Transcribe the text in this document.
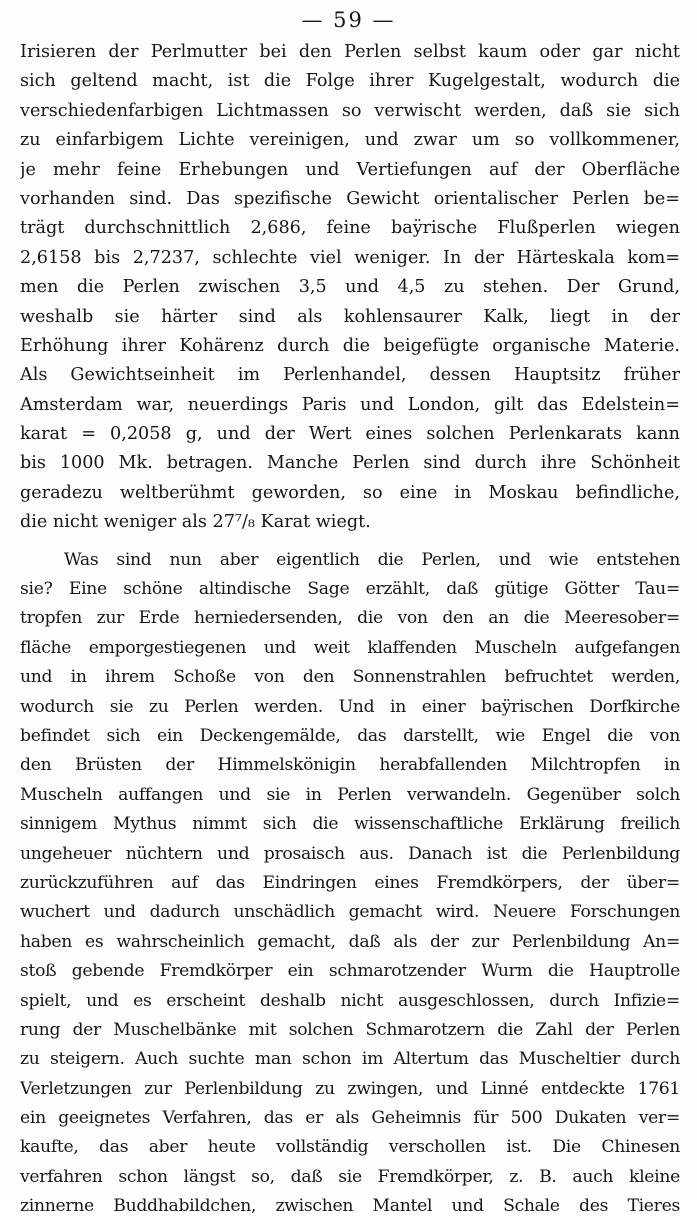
— 59 —
Irisieren der Perlmutter bei den Perlen selbst kaum oder gar nicht
sich geltend macht, ist die Folge ihrer Kugelgestalt, wodurch die
verschiedenfarbigen Lichtmassen so verwischt werden, daß sie sich
zu einfarbigem Lichte vereinigen, und zwar um so vollkommener,
je mehr feine Erhebungen und Vertiefungen auf der Oberfläche
vorhanden sind. Das spezifische Gewicht orientalischer Perlen be=
trägt durchschnittlich 2,686, feine baÿrische Flußperlen wiegen
2,6158 bis 2,7237, schlechte viel weniger. In der Härteskala kom=
men die Perlen zwischen 3,5 und 4,5 zu stehen. Der Grund,
weshalb sie härter sind als kohlensaurer Kalk, liegt in der
Erhöhung ihrer Kohärenz durch die beigefügte organische Materie.
Als Gewichtseinheit im Perlenhandel, dessen Hauptsitz früher
Amsterdam war, neuerdings Paris und London, gilt das Edelstein=
karat = 0,2058 g, und der Wert eines solchen Perlenkarats kann
bis 1000 Mk. betragen. Manche Perlen sind durch ihre Schönheit
geradezu weltberühmt geworden, so eine in Moskau befindliche,
die nicht weniger als 27⁷/₈ Karat wiegt.
Was sind nun aber eigentlich die Perlen, und wie entstehen
sie? Eine schöne altindische Sage erzählt, daß gütige Götter Tau=
tropfen zur Erde herniedersenden, die von den an die Meeresober=
fläche emporgestiegenen und weit klaffenden Muscheln aufgefangen
und in ihrem Schoße von den Sonnenstrahlen befruchtet werden,
wodurch sie zu Perlen werden. Und in einer baÿrischen Dorfkirche
befindet sich ein Deckengemälde, das darstellt, wie Engel die von
den Brüsten der Himmelskönigin herabfallenden Milchtropfen in
Muscheln auffangen und sie in Perlen verwandeln. Gegenüber solch
sinnigem Mythus nimmt sich die wissenschaftliche Erklärung freilich
ungeheuer nüchtern und prosaisch aus. Danach ist die Perlenbildung
zurückzuführen auf das Eindringen eines Fremdkörpers, der über=
wuchert und dadurch unschädlich gemacht wird. Neuere Forschungen
haben es wahrscheinlich gemacht, daß als der zur Perlenbildung An=
stoß gebende Fremdkörper ein schmarotzender Wurm die Hauptrolle
spielt, und es erscheint deshalb nicht ausgeschlossen, durch Infizie=
rung der Muschelbänke mit solchen Schmarotzern die Zahl der Perlen
zu steigern. Auch suchte man schon im Altertum das Muscheltier durch
Verletzungen zur Perlenbildung zu zwingen, und Linné entdeckte 1761
ein geeignetes Verfahren, das er als Geheimnis für 500 Dukaten ver=
kaufte, das aber heute vollständig verschollen ist. Die Chinesen
verfahren schon längst so, daß sie Fremdkörper, z. B. auch kleine
zinnerne Buddhabildchen, zwischen Mantel und Schale des Tieres
